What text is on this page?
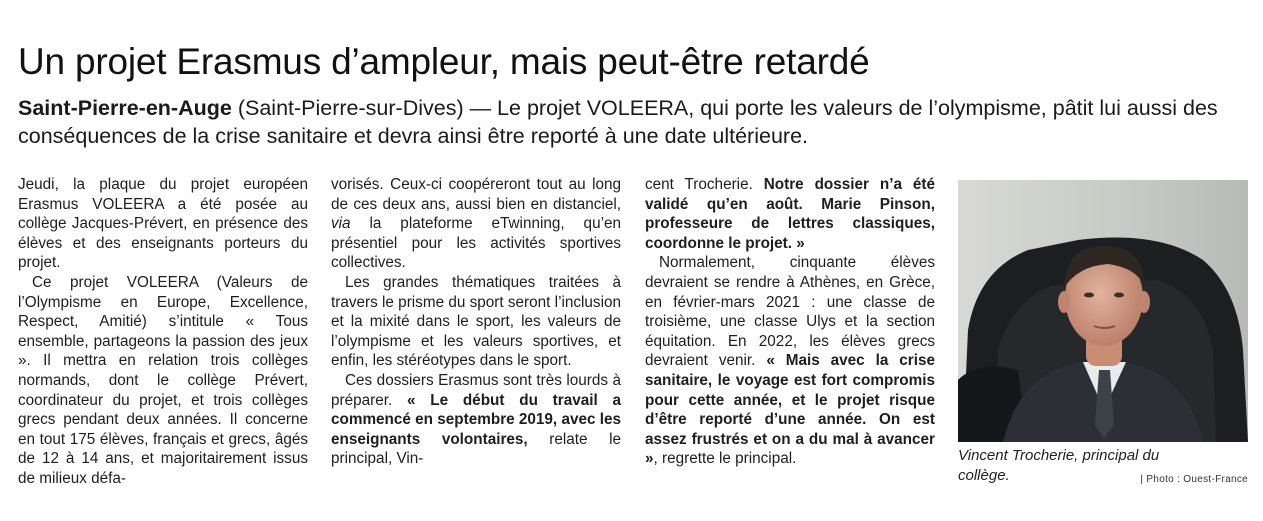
Un projet Erasmus d’ampleur, mais peut-être retardé

Saint-Pierre-en-Auge (Saint-Pierre-sur-Dives) — Le projet VOLEERA, qui porte les valeurs de l’olympisme, pâtit lui aussi des conséquences de la crise sanitaire et devra ainsi être reporté à une date ultérieure.

Jeudi, la plaque du projet européen Erasmus VOLEERA a été posée au collège Jacques-Prévert, en présence des élèves et des enseignants porteurs du projet.

Ce projet VOLEERA (Valeurs de l’Olympisme en Europe, Excellence, Respect, Amitié) s’intitule « Tous ensemble, partageons la passion des jeux ». Il mettra en relation trois collèges normands, dont le collège Prévert, coordinateur du projet, et trois collèges grecs pendant deux années. Il concerne en tout 175 élèves, français et grecs, âgés de 12 à 14 ans, et majoritairement issus de milieux défa-

vorisés. Ceux-ci coopéreront tout au long de ces deux ans, aussi bien en distanciel, via la plateforme eTwinning, qu’en présentiel pour les activités sportives collectives.

Les grandes thématiques traitées à travers le prisme du sport seront l’inclusion et la mixité dans le sport, les valeurs de l’olympisme et les valeurs sportives, et enfin, les stéréotypes dans le sport.

Ces dossiers Erasmus sont très lourds à préparer. « Le début du travail a commencé en septembre 2019, avec les enseignants volontaires, relate le principal, Vin-

cent Trocherie. Notre dossier n’a été validé qu’en août. Marie Pinson, professeure de lettres classiques, coordonne le projet. »

Normalement, cinquante élèves devraient se rendre à Athènes, en Grèce, en février-mars 2021 : une classe de troisième, une classe Ulys et la section équitation. En 2022, les élèves grecs devraient venir. « Mais avec la crise sanitaire, le voyage est fort compromis pour cette année, et le projet risque d’être reporté d’une année. On est assez frustrés et on a du mal à avancer », regrette le principal.	Vincent Trocherie, principal du collège.	| Photo : Ouest-France
